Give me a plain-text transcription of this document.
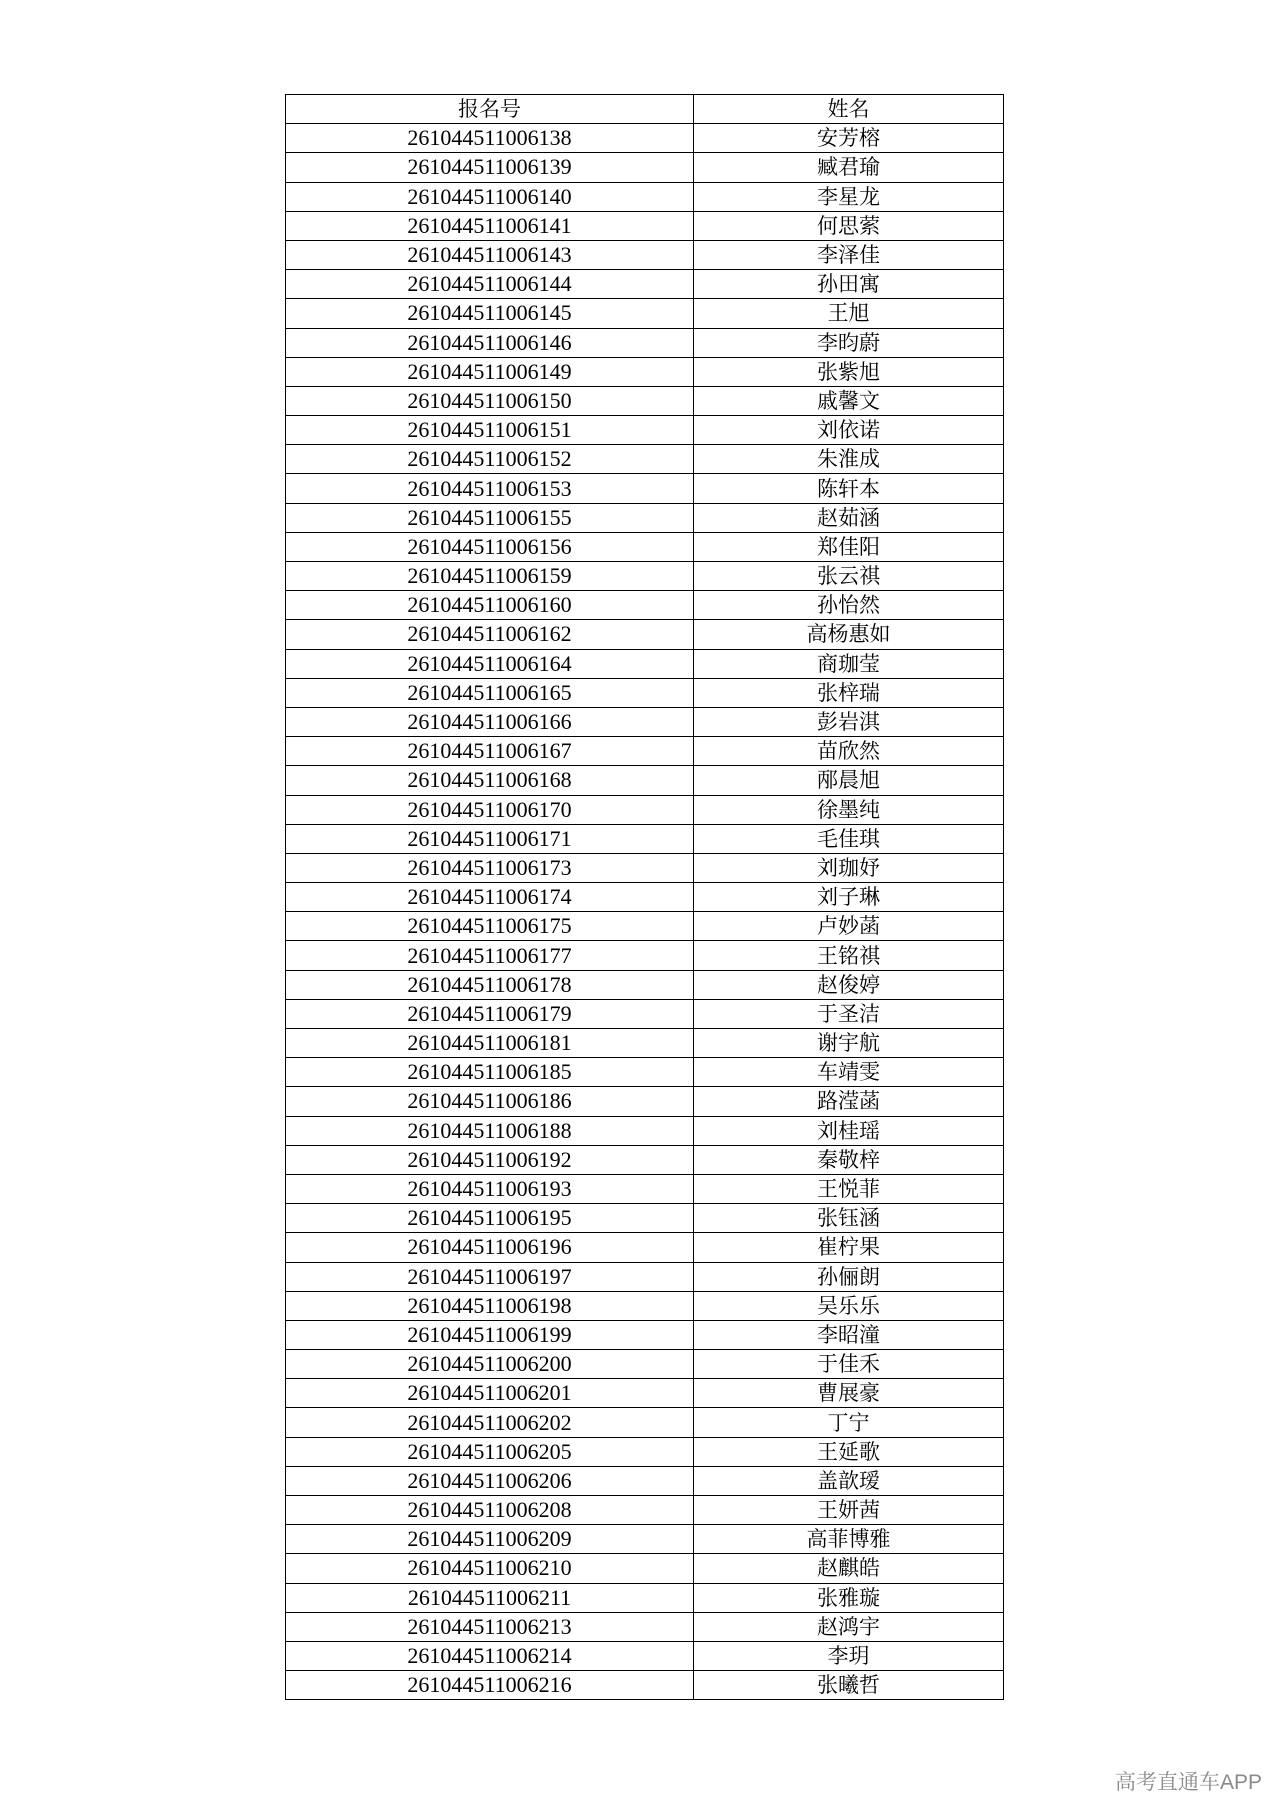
报名号	姓名
261044511006138	安芳榕
261044511006139	臧君瑜
261044511006140	李星龙
261044511006141	何思萦
261044511006143	李泽佳
261044511006144	孙田寓
261044511006145	王旭
261044511006146	李昀蔚
261044511006149	张紫旭
261044511006150	戚馨文
261044511006151	刘依诺
261044511006152	朱淮成
261044511006153	陈轩本
261044511006155	赵茹涵
261044511006156	郑佳阳
261044511006159	张云祺
261044511006160	孙怡然
261044511006162	高杨惠如
261044511006164	商珈莹
261044511006165	张梓瑞
261044511006166	彭岩淇
261044511006167	苗欣然
261044511006168	邴晨旭
261044511006170	徐墨纯
261044511006171	毛佳琪
261044511006173	刘珈妤
261044511006174	刘子琳
261044511006175	卢妙菡
261044511006177	王铭祺
261044511006178	赵俊婷
261044511006179	于圣洁
261044511006181	谢宇航
261044511006185	车靖雯
261044511006186	路滢菡
261044511006188	刘桂瑶
261044511006192	秦敬梓
261044511006193	王悦菲
261044511006195	张钰涵
261044511006196	崔柠果
261044511006197	孙俪朗
261044511006198	吴乐乐
261044511006199	李昭潼
261044511006200	于佳禾
261044511006201	曹展豪
261044511006202	丁宁
261044511006205	王延歌
261044511006206	盖歆瑷
261044511006208	王妍茜
261044511006209	高菲博雅
261044511006210	赵麒皓
261044511006211	张雅璇
261044511006213	赵鸿宇
261044511006214	李玥
261044511006216	张曦哲
高考直通车APP
